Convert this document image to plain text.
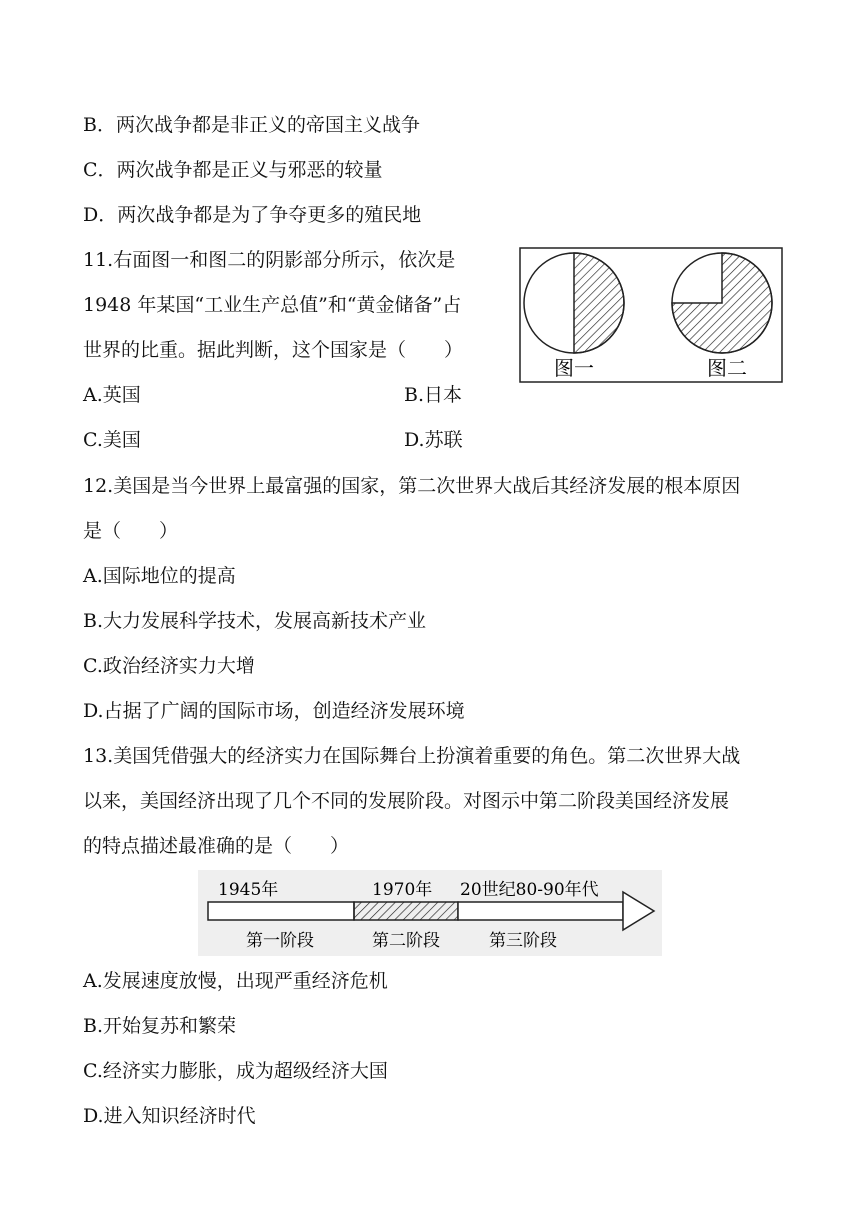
B．两次战争都是非正义的帝国主义战争
C．两次战争都是正义与邪恶的较量
D．两次战争都是为了争夺更多的殖民地
11.右面图一和图二的阴影部分所示，依次是
1948 年某国“工业生产总值”和“黄金储备”占
世界的比重。据此判断，这个国家是（　　）
A.英国	B.日本
C.美国	D.苏联
图一	图二
12.美国是当今世界上最富强的国家，第二次世界大战后其经济发展的根本原因
是（　　）
A.国际地位的提高
B.大力发展科学技术，发展高新技术产业
C.政治经济实力大增
D.占据了广阔的国际市场，创造经济发展环境
13.美国凭借强大的经济实力在国际舞台上扮演着重要的角色。第二次世界大战
以来，美国经济出现了几个不同的发展阶段。对图示中第二阶段美国经济发展
的特点描述最准确的是（　　）
1945年	1970年 20世纪80-90年代
第一阶段	第二阶段	第三阶段
A.发展速度放慢，出现严重经济危机
B.开始复苏和繁荣
C.经济实力膨胀，成为超级经济大国
D.进入知识经济时代
